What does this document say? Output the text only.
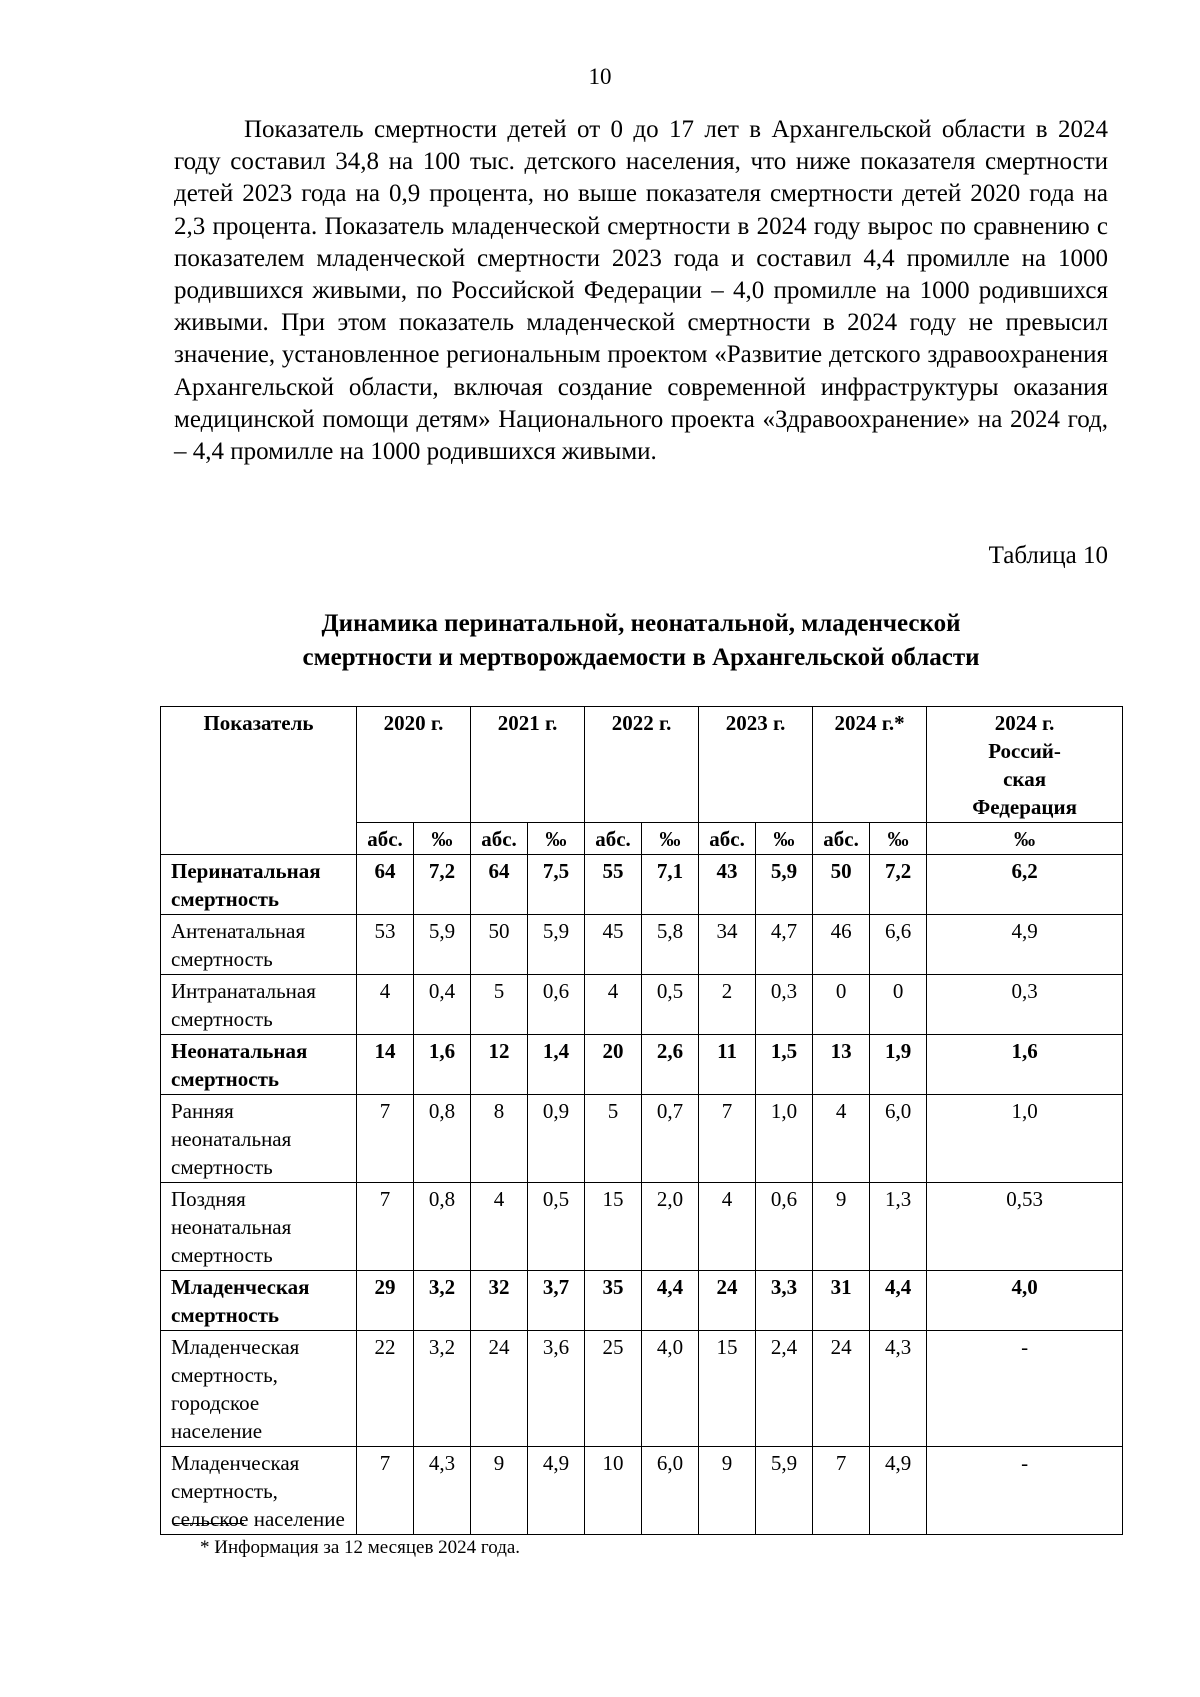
10

Показатель смертности детей от 0 до 17 лет в Архангельской области в 2024 году составил 34,8 на 100 тыс. детского населения, что ниже показателя смертности детей 2023 года на 0,9 процента, но выше показателя смертности детей 2020 года на 2,3 процента. Показатель младенческой смертности в 2024 году вырос по сравнению с показателем младенческой смертности 2023 года и составил 4,4 промилле на 1000 родившихся живыми, по Российской Федерации – 4,0 промилле на 1000 родившихся живыми. При этом показатель младенческой смертности в 2024 году не превысил значение, установленное региональным проектом «Развитие детского здравоохранения Архангельской области, включая создание современной инфраструктуры оказания медицинской помощи детям» Национального проекта «Здравоохранение» на 2024 год, – 4,4 промилле на 1000 родившихся живыми.

Таблица 10
Динамика перинатальной, неонатальной, младенческой
смертности и мертворождаемости в Архангельской области
Показатель	2020 г.		2021 г.		2022 г.		2023 г.		2024 г.*		2024 г.
Россий-
ская
Федерация

	абс.	‰	абс.	‰	абс.	‰	абс.	‰	абс.	‰	‰
Перинатальная смертность	64	7,2	64	7,5	55	7,1	43	5,9	50	7,2	6,2
Антенатальная смертность	53	5,9	50	5,9	45	5,8	34	4,7	46	6,6	4,9
Интранатальная смертность	4	0,4	5	0,6	4	0,5	2	0,3	0	0	0,3
Неонатальная смертность	14	1,6	12	1,4	20	2,6	11	1,5	13	1,9	1,6
Ранняя неонатальная смертность	7	0,8	8	0,9	5	0,7	7	1,0	4	6,0	1,0
Поздняя неонатальная смертность	7	0,8	4	0,5	15	2,0	4	0,6	9	1,3	0,53
Младенческая смертность	29	3,2	32	3,7	35	4,4	24	3,3	31	4,4	4,0
Младенческая смертность, городское население	22	3,2	24	3,6	25	4,0	15	2,4	24	4,3	-
Младенческая смертность, сельское население	7	4,3	9	4,9	10	6,0	9	5,9	7	4,9	-
* Информация за 12 месяцев 2024 года.
